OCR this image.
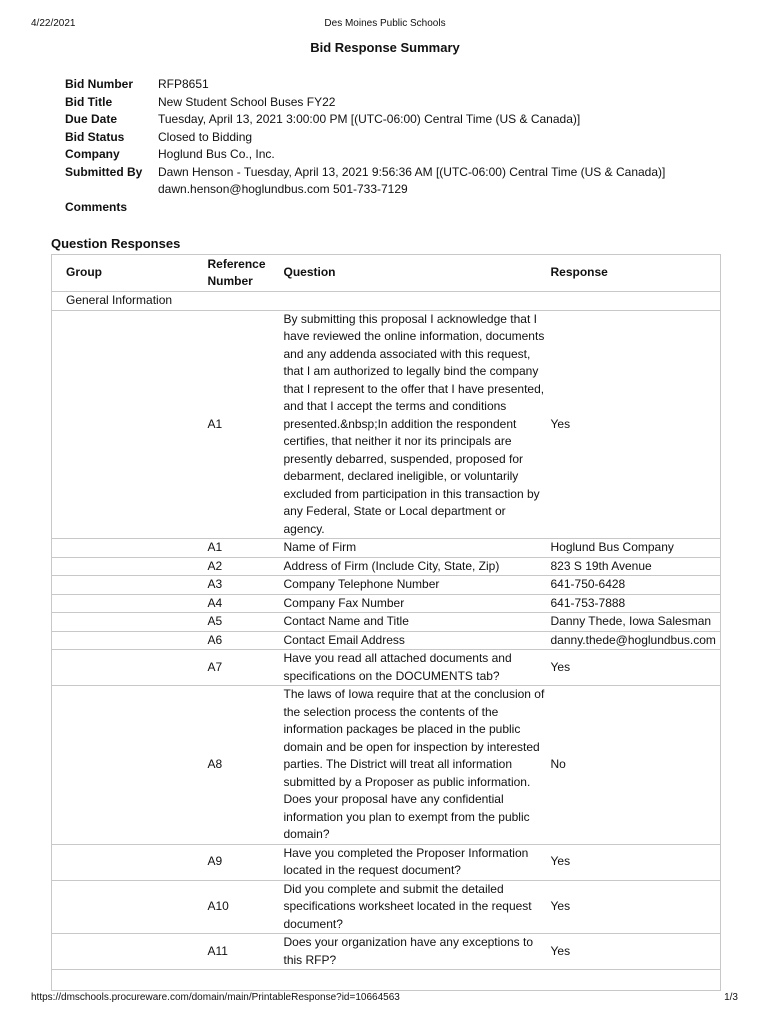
4/22/2021	Des Moines Public Schools
Bid Response Summary
Bid Number	RFP8651
Bid Title	New Student School Buses FY22
Due Date	Tuesday, April 13, 2021 3:00:00 PM [(UTC-06:00) Central Time (US & Canada)]
Bid Status	Closed to Bidding
Company	Hoglund Bus Co., Inc.
Submitted By	Dawn Henson - Tuesday, April 13, 2021 9:56:36 AM [(UTC-06:00) Central Time (US & Canada)]
dawn.henson@hoglundbus.com 501-733-7129
Comments
Question Responses
Group	Reference Number	Question	Response
General Information			
	A1	By submitting this proposal I acknowledge that I have reviewed the online information, documents and any addenda associated with this request, that I am authorized to legally bind the company that I represent to the offer that I have presented, and that I accept the terms and conditions presented.&nbsp;In addition the respondent certifies, that neither it nor its principals are presently debarred, suspended, proposed for debarment, declared ineligible, or voluntarily excluded from participation in this transaction by any Federal, State or Local department or agency.	Yes
	A1	Name of Firm	Hoglund Bus Company
	A2	Address of Firm (Include City, State, Zip)	823 S 19th Avenue
	A3	Company Telephone Number	641-750-6428
	A4	Company Fax Number	641-753-7888
	A5	Contact Name and Title	Danny Thede, Iowa Salesman
	A6	Contact Email Address	danny.thede@hoglundbus.com
	A7	Have you read all attached documents and specifications on the DOCUMENTS tab?	Yes
	A8	The laws of Iowa require that at the conclusion of the selection process the contents of the information packages be placed in the public domain and be open for inspection by interested parties. The District will treat all information submitted by a Proposer as public information. Does your proposal have any confidential information you plan to exempt from the public domain?	No
	A9	Have you completed the Proposer Information located in the request document?	Yes
	A10	Did you complete and submit the detailed specifications worksheet located in the request document?	Yes
	A11	Does your organization have any exceptions to this RFP?	Yes

https://dmschools.procureware.com/domain/main/PrintableResponse?id=10664563	1/3
